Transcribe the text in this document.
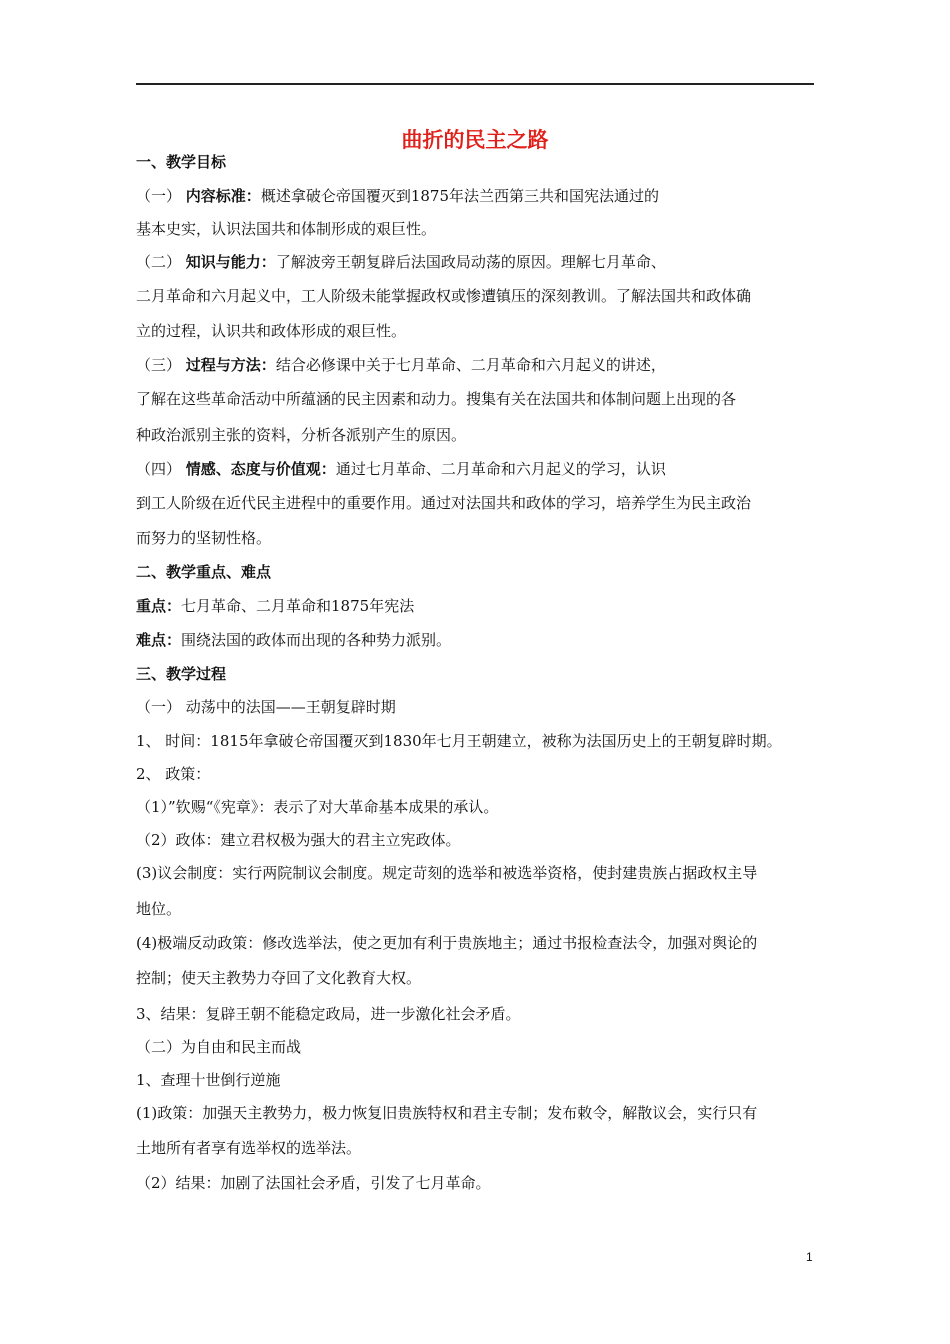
曲折的民主之路
一、教学目标
（一） 内容标准：概述拿破仑帝国覆灭到1875年法兰西第三共和国宪法通过的
基本史实，认识法国共和体制形成的艰巨性。
（二） 知识与能力：了解波旁王朝复辟后法国政局动荡的原因。理解七月革命、
二月革命和六月起义中，工人阶级未能掌握政权或惨遭镇压的深刻教训。了解法国共和政体确
立的过程，认识共和政体形成的艰巨性。
（三） 过程与方法：结合必修课中关于七月革命、二月革命和六月起义的讲述，
了解在这些革命活动中所蕴涵的民主因素和动力。搜集有关在法国共和体制问题上出现的各
种政治派别主张的资料，分析各派别产生的原因。
（四） 情感、态度与价值观：通过七月革命、二月革命和六月起义的学习，认识
到工人阶级在近代民主进程中的重要作用。通过对法国共和政体的学习，培养学生为民主政治
而努力的坚韧性格。
二、教学重点、难点
重点：七月革命、二月革命和1875年宪法
难点：围绕法国的政体而出现的各种势力派别。
三、教学过程
（一） 动荡中的法国——王朝复辟时期
1、 时间：1815年拿破仑帝国覆灭到1830年七月王朝建立，被称为法国历史上的王朝复辟时期。
2、 政策：
（1）”钦赐“《宪章》：表示了对大革命基本成果的承认。
（2）政体：建立君权极为强大的君主立宪政体。
(3)议会制度：实行两院制议会制度。规定苛刻的选举和被选举资格，使封建贵族占据政权主导
地位。
(4)极端反动政策：修改选举法，使之更加有利于贵族地主；通过书报检查法令，加强对舆论的
控制；使天主教势力夺回了文化教育大权。
3、结果：复辟王朝不能稳定政局，进一步激化社会矛盾。
（二）为自由和民主而战
1、查理十世倒行逆施
(1)政策：加强天主教势力，极力恢复旧贵族特权和君主专制；发布敕令，解散议会，实行只有
土地所有者享有选举权的选举法。
（2）结果：加剧了法国社会矛盾，引发了七月革命。
1
